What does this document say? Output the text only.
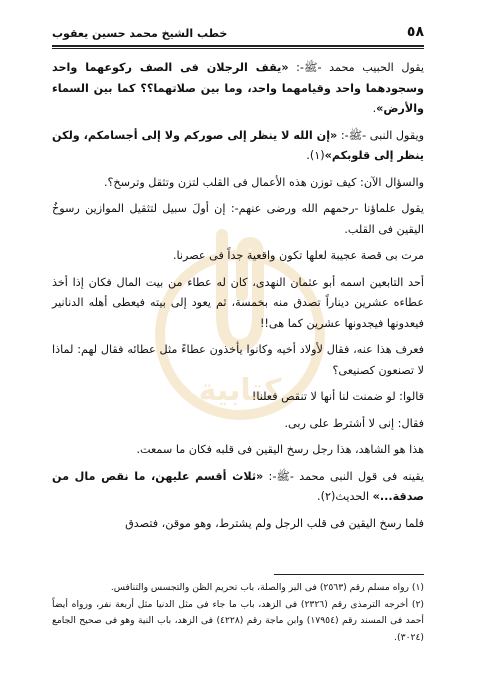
كتابية
٥٨
خطب الشيخ محمد حسين يعقوب

يقول الحبيب محمد -ﷺ-: «يقف الرجلان فى الصف ركوعهما واحد وسجودهما واحد وقيامهما واحد، وما بين صلاتهما؟؟ كما بين السماء والأرض».

ويقول النبى -ﷺ-: «إن الله لا ينظر إلى صوركم ولا إلى أجسامكم، ولكن ينظر إلى قلوبكم»(١).

والسؤال الآن: كيف توزن هذه الأعمال فى القلب لتزن وتثقل وترسخ؟.

يقول علماؤنا -رحمهم الله ورضى عنهم-: إن أولَ سبيل لتثقيل الموازين رسوخُ اليقين فى القلب.

مرت بى قصة عجيبة لعلها تكون واقعية جداً فى عصرنا.

أحد التابعين اسمه أبو عثمان النهدى، كان له عطاء من بيت المال فكان إذا أخذ عطاءه عشرين ديناراً تصدق منه بخمسة، ثم يعود إلى بيته فيعطى أهله الدنانير فيعدونها فيجدونها عشرين كما هى!!

فعرف هذا عنه، فقال لأولاد أخيه وكانوا يأخذون عطاءً مثل عطائه فقال لهم: لماذا لا تصنعون كصنيعى؟

قالوا: لو ضمنت لنا أنها لا تنقص فعلنا!

فقال: إنى لا أشترط على ربى.

هذا هو الشاهد، هذا رجل رسخ اليقين فى قلبه فكان ما سمعت.

يقينه فى قول النبى محمد -ﷺ-: «ثلاث أقسم عليهن، ما نقص مال من صدقة...» الحديث(٢).

فلما رسخ اليقين فى قلب الرجل ولم يشترط، وهو موقن، فتصدق

(١) رواه مسلم رقم (٢٥٦٣) فى البر والصلة، باب تحريم الظن والتجسس والتنافس.

(٢) أخرجه الترمذى رقم (٢٣٢٦) فى الزهد، باب ما جاء فى مثل الدنيا مثل أربعة نفر، ورواه أيضاً أحمد فى المسند رقم (١٧٩٥٤) وابن ماجة رقم (٤٢٢٨) فى الزهد، باب النية وهو فى صحيح الجامع (٣٠٢٤).
